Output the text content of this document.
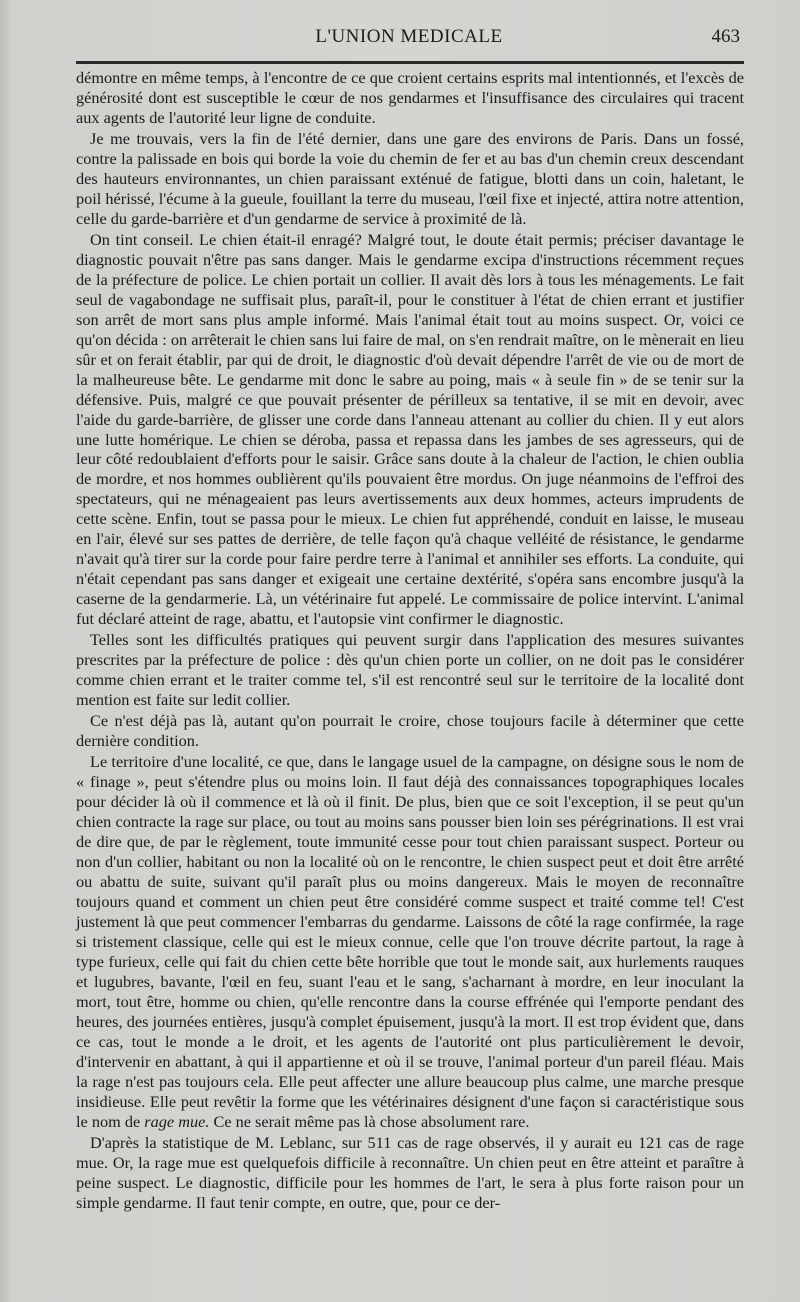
L'UNION MEDICALE	463

démontre en même temps, à l'encontre de ce que croient certains esprits mal intentionnés, et l'excès de générosité dont est susceptible le cœur de nos gendarmes et l'insuffisance des circulaires qui tracent aux agents de l'autorité leur ligne de conduite.

Je me trouvais, vers la fin de l'été dernier, dans une gare des environs de Paris. Dans un fossé, contre la palissade en bois qui borde la voie du chemin de fer et au bas d'un chemin creux descendant des hauteurs environnantes, un chien paraissant exténué de fatigue, blotti dans un coin, haletant, le poil hérissé, l'écume à la gueule, fouillant la terre du museau, l'œil fixe et injecté, attira notre attention, celle du garde-barrière et d'un gendarme de service à proximité de là.

On tint conseil. Le chien était-il enragé? Malgré tout, le doute était permis; préciser davantage le diagnostic pouvait n'être pas sans danger. Mais le gendarme excipa d'instructions récemment reçues de la préfecture de police. Le chien portait un collier. Il avait dès lors à tous les ménagements. Le fait seul de vagabondage ne suffisait plus, paraît-il, pour le constituer à l'état de chien errant et justifier son arrêt de mort sans plus ample informé. Mais l'animal était tout au moins suspect. Or, voici ce qu'on décida : on arrêterait le chien sans lui faire de mal, on s'en rendrait maître, on le mènerait en lieu sûr et on ferait établir, par qui de droit, le diagnostic d'où devait dépendre l'arrêt de vie ou de mort de la malheureuse bête. Le gendarme mit donc le sabre au poing, mais « à seule fin » de se tenir sur la défensive. Puis, malgré ce que pouvait présenter de périlleux sa tentative, il se mit en devoir, avec l'aide du garde-barrière, de glisser une corde dans l'anneau attenant au collier du chien. Il y eut alors une lutte homérique. Le chien se déroba, passa et repassa dans les jambes de ses agresseurs, qui de leur côté redoublaient d'efforts pour le saisir. Grâce sans doute à la chaleur de l'action, le chien oublia de mordre, et nos hommes oublièrent qu'ils pouvaient être mordus. On juge néanmoins de l'effroi des spectateurs, qui ne ménageaient pas leurs avertissements aux deux hommes, acteurs imprudents de cette scène. Enfin, tout se passa pour le mieux. Le chien fut appréhendé, conduit en laisse, le museau en l'air, élevé sur ses pattes de derrière, de telle façon qu'à chaque velléité de résistance, le gendarme n'avait qu'à tirer sur la corde pour faire perdre terre à l'animal et annihiler ses efforts. La conduite, qui n'était cependant pas sans danger et exigeait une certaine dextérité, s'opéra sans encombre jusqu'à la caserne de la gendarmerie. Là, un vétérinaire fut appelé. Le commissaire de police intervint. L'animal fut déclaré atteint de rage, abattu, et l'autopsie vint confirmer le diagnostic.

Telles sont les difficultés pratiques qui peuvent surgir dans l'application des mesures suivantes prescrites par la préfecture de police : dès qu'un chien porte un collier, on ne doit pas le considérer comme chien errant et le traiter comme tel, s'il est rencontré seul sur le territoire de la localité dont mention est faite sur ledit collier.

Ce n'est déjà pas là, autant qu'on pourrait le croire, chose toujours facile à déterminer que cette dernière condition.

Le territoire d'une localité, ce que, dans le langage usuel de la campagne, on désigne sous le nom de « finage », peut s'étendre plus ou moins loin. Il faut déjà des connaissances topographiques locales pour décider là où il commence et là où il finit. De plus, bien que ce soit l'exception, il se peut qu'un chien contracte la rage sur place, ou tout au moins sans pousser bien loin ses pérégrinations. Il est vrai de dire que, de par le règlement, toute immunité cesse pour tout chien paraissant suspect. Porteur ou non d'un collier, habitant ou non la localité où on le rencontre, le chien suspect peut et doit être arrêté ou abattu de suite, suivant qu'il paraît plus ou moins dangereux. Mais le moyen de reconnaître toujours quand et comment un chien peut être considéré comme suspect et traité comme tel! C'est justement là que peut commencer l'embarras du gendarme. Laissons de côté la rage confirmée, la rage si tristement classique, celle qui est le mieux connue, celle que l'on trouve décrite partout, la rage à type furieux, celle qui fait du chien cette bête horrible que tout le monde sait, aux hurlements rauques et lugubres, bavante, l'œil en feu, suant l'eau et le sang, s'acharnant à mordre, en leur inoculant la mort, tout être, homme ou chien, qu'elle rencontre dans la course effrénée qui l'emporte pendant des heures, des journées entières, jusqu'à complet épuisement, jusqu'à la mort. Il est trop évident que, dans ce cas, tout le monde a le droit, et les agents de l'autorité ont plus particulièrement le devoir, d'intervenir en abattant, à qui il appartienne et où il se trouve, l'animal porteur d'un pareil fléau. Mais la rage n'est pas toujours cela. Elle peut affecter une allure beaucoup plus calme, une marche presque insidieuse. Elle peut revêtir la forme que les vétérinaires désignent d'une façon si caractéristique sous le nom de rage mue. Ce ne serait même pas là chose absolument rare.

D'après la statistique de M. Leblanc, sur 511 cas de rage observés, il y aurait eu 121 cas de rage mue. Or, la rage mue est quelquefois difficile à reconnaître. Un chien peut en être atteint et paraître à peine suspect. Le diagnostic, difficile pour les hommes de l'art, le sera à plus forte raison pour un simple gendarme. Il faut tenir compte, en outre, que, pour ce der-
